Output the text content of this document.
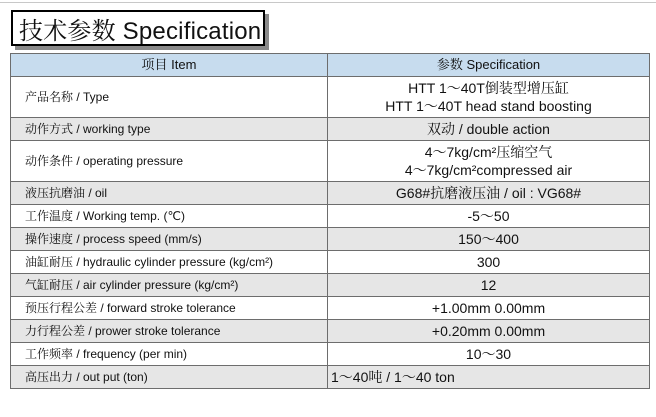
技术参数 Specification
项目 Item	参数 Specification
产品名称 / Type	HTT 1～40T倒装型增压缸
HTT 1～40T head stand boosting

动作方式 / working type	双动 / double action
动作条件 / operating pressure	4～7kg/cm²压缩空气
4～7kg/cm²compressed air

液压抗磨油 / oil	G68#抗磨液压油 / oil : VG68#
工作温度 / Working temp. (℃)	-5～50
操作速度 / process speed (mm/s)	150～400
油缸耐压 / hydraulic cylinder pressure (kg/cm²)	300
气缸耐压 / air cylinder pressure (kg/cm²)	12
预压行程公差 / forward stroke tolerance	+1.00mm 0.00mm
力行程公差 / prower stroke tolerance	+0.20mm 0.00mm
工作频率 / frequency (per min)	10～30
高压出力 / out put (ton)	1～40吨 / 1～40 ton
